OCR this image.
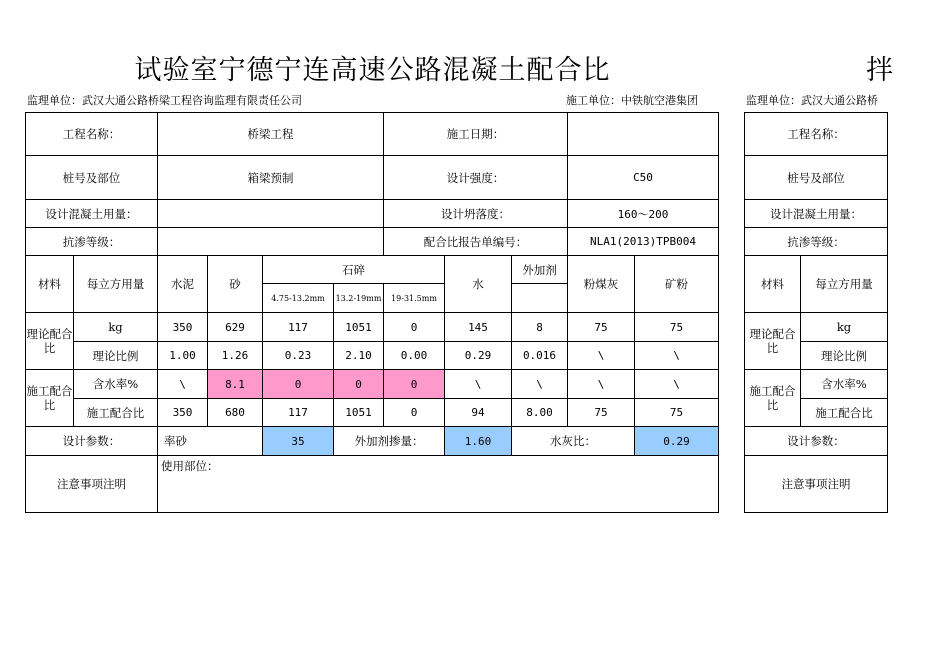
试验室宁德宁连高速公路混凝土配合比	拌
监理单位：武汉大通公路桥梁工程咨询监理有限责任公司	施工单位：中铁航空港集团	监理单位：武汉大通公路桥
工程名称：		桥梁工程				施工日期：				
桩号及部位		箱梁预制				设计强度：			C50	
设计混凝土用量：						设计坍落度：			160～200	
抗渗等级：						配合比报告单编号：			NLA1(2013)TPB004	
材料	每立方用量	水泥	砂	石碎			水	外加剂	粉煤灰	矿粉
				4.75-13.2mm	13.2-19mm	19-31.5mm				
理论配合比	kg	350	629	117	1051	0	145	8	75	75
	理论比例	1.00	1.26	0.23	2.10	0.00	0.29	0.016	\	\
施工配合比	含水率%	\	8.1	0	0	0	\	\	\	\
	施工配合比	350	680	117	1051	0	94	8.00	75	75
设计参数：		率砂		35	外加剂掺量：		1.60	水灰比：		0.29
注意事项注明		使用部位：								
工程名称：	
桩号及部位	
设计混凝土用量：	
抗渗等级：	
材料	每立方用量
理论配合比	kg
	理论比例
施工配合比	含水率%
	施工配合比
设计参数：	
注意事项注明	
